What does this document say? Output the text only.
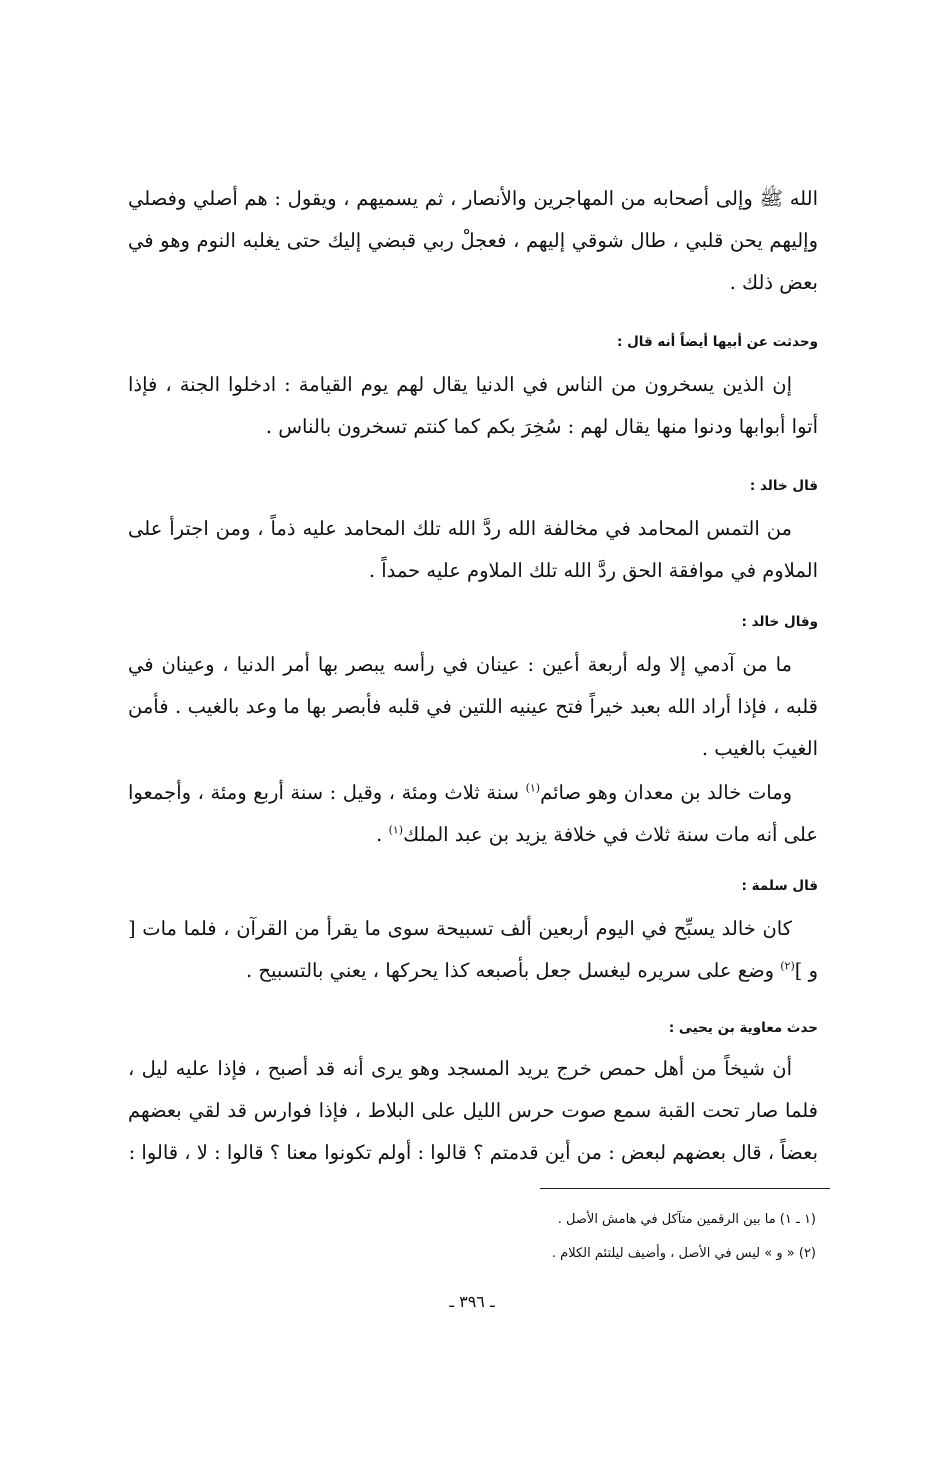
الله ﷺ وإلى أصحابه من المهاجرين والأنصار ، ثم يسميهم ، ويقول : هم أصلي وفصلي وإليهم يحن قلبي ، طال شوقي إليهم ، فعجلْ ربي قبضي إليك حتى يغلبه النوم وهو في بعض ذلك .

وحدثت عن أبيها أيضاً أنه قال :

إن الذين يسخرون من الناس في الدنيا يقال لهم يوم القيامة : ادخلوا الجنة ، فإذا أتوا أبوابها ودنوا منها يقال لهم : سُخِرَ بكم كما كنتم تسخرون بالناس .

قال خالد :

من التمس المحامد في مخالفة الله ردَّ الله تلك المحامد عليه ذماً ، ومن اجترأ على الملاوم في موافقة الحق ردَّ الله تلك الملاوم عليه حمداً .

وقال خالد :

ما من آدمي إلا وله أربعة أعين : عينان في رأسه يبصر بها أمر الدنيا ، وعينان في قلبه ، فإذا أراد الله بعبد خيراً فتح عينيه اللتين في قلبه فأبصر بها ما وعد بالغيب . فأمن الغيبَ بالغيب .

ومات خالد بن معدان وهو صائم$^{(١)}$ سنة ثلاث ومئة ، وقيل : سنة أربع ومئة ، وأجمعوا على أنه مات سنة ثلاث في خلافة يزيد بن عبد الملك$^{(١)}$ .

قال سلمة :

كان خالد يسبِّح في اليوم أربعين ألف تسبيحة سوى ما يقرأ من القرآن ، فلما مات [ و ]$^{(٢)}$ وضع على سريره ليغسل جعل بأصبعه كذا يحركها ، يعني بالتسبيح .

حدث معاوية بن يحيى :

أن شيخاً من أهل حمص خرج يريد المسجد وهو يرى أنه قد أصبح ، فإذا عليه ليل ، فلما صار تحت القبة سمع صوت حرس الليل على البلاط ، فإذا فوارس قد لقي بعضهم بعضاً ، قال بعضهم لبعض : من أين قدمتم ؟ قالوا : أولم تكونوا معنا ؟ قالوا : لا ، قالوا :

(١ ـ ١) ما بين الرقمين متآكل في هامش الأصل .
(٢) « و » ليس في الأصل ، وأضيف ليلتئم الكلام .
ـ ٣٩٦ ـ
